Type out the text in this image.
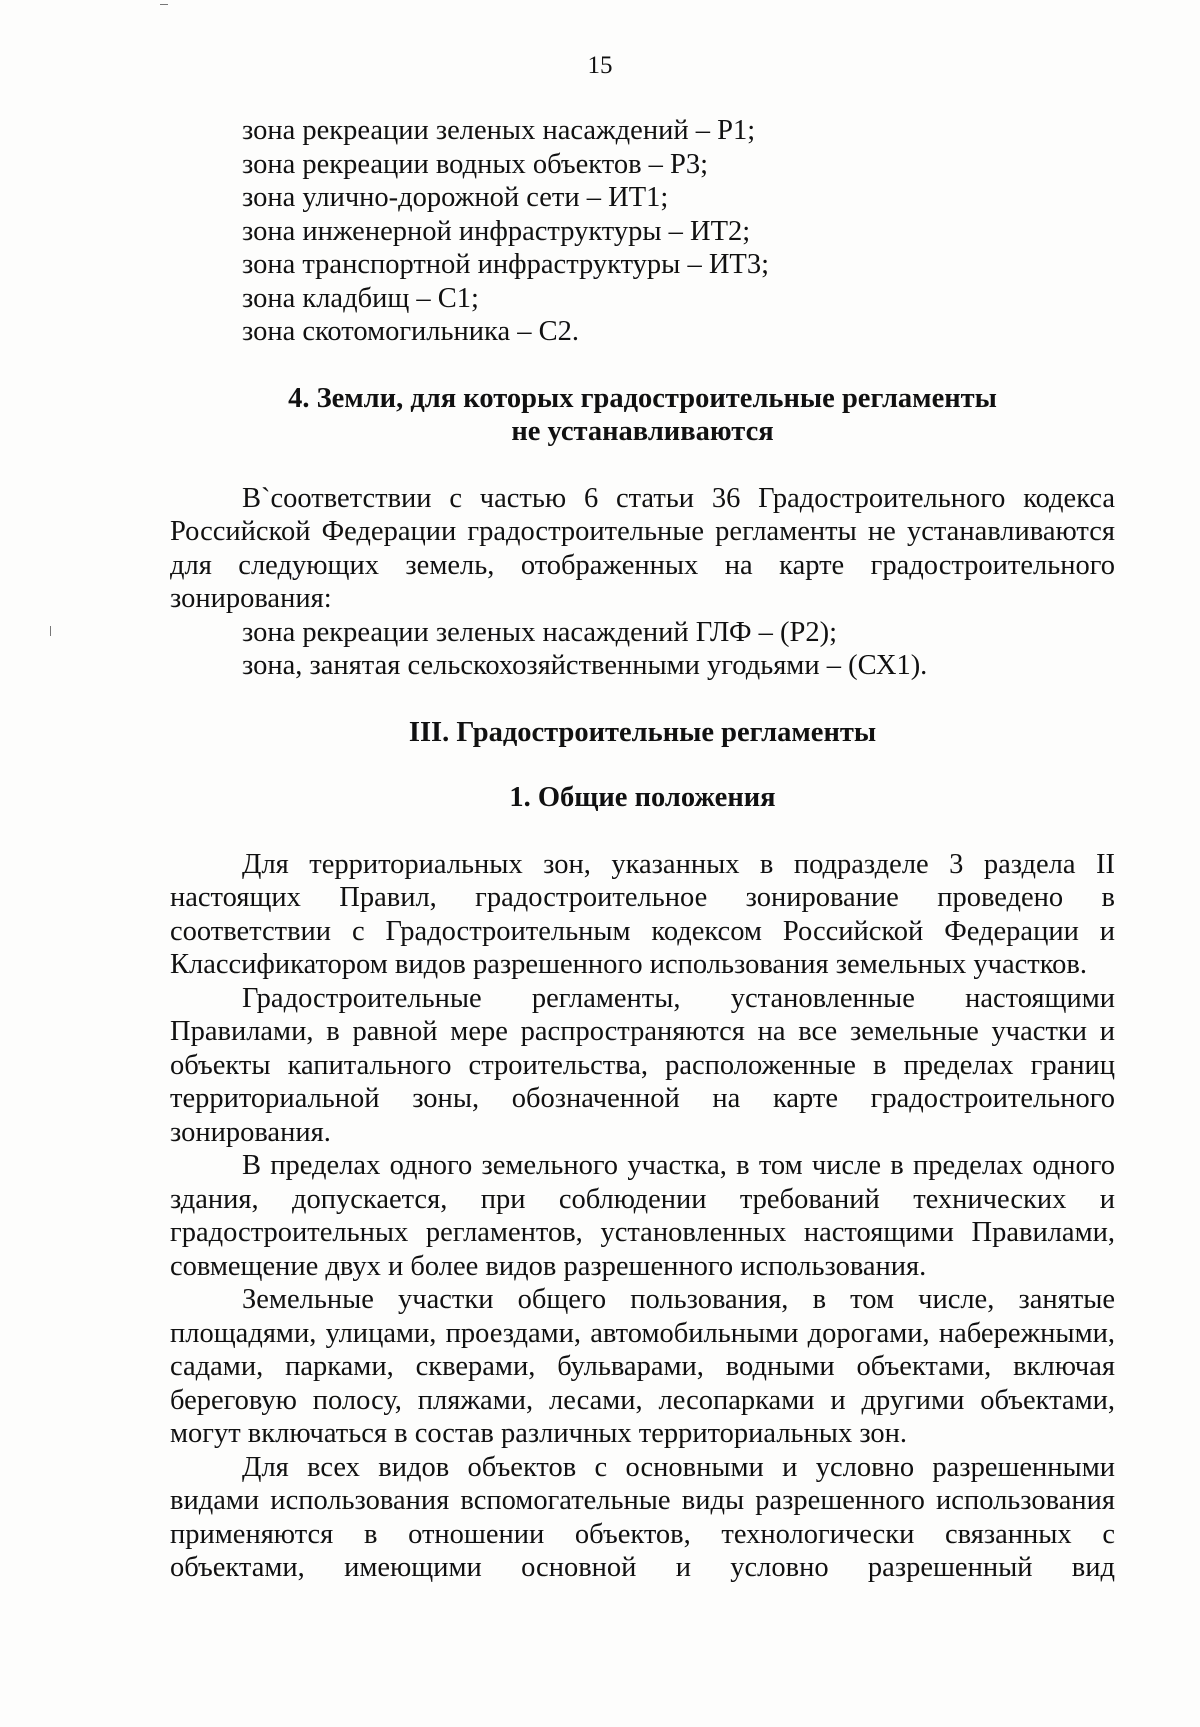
15
зона рекреации зеленых насаждений – Р1;
зона рекреации водных объектов – Р3;
зона улично-дорожной сети – ИТ1;
зона инженерной инфраструктуры – ИТ2;
зона транспортной инфраструктуры – ИТ3;
зона кладбищ – С1;
зона скотомогильника – С2.
4. Земли, для которых градостроительные регламенты
не устанавливаются

В`соответствии с частью 6 статьи 36 Градостроительного кодекса Российской Федерации градостроительные регламенты не устанавливаются для следующих земель, отображенных на карте градостроительного зонирования:

зона рекреации зеленых насаждений ГЛФ – (Р2);
зона, занятая сельскохозяйственными угодьями – (СХ1).
III. Градостроительные регламенты
1. Общие положения

Для территориальных зон, указанных в подразделе 3 раздела II настоящих Правил, градостроительное зонирование проведено в соответствии с Градостроительным кодексом Российской Федерации и Классификатором видов разрешенного использования земельных участков.

Градостроительные регламенты, установленные настоящими Правилами, в равной мере распространяются на все земельные участки и объекты капитального строительства, расположенные в пределах границ территориальной зоны, обозначенной на карте градостроительного зонирования.

В пределах одного земельного участка, в том числе в пределах одного здания, допускается, при соблюдении требований технических и градостроительных регламентов, установленных настоящими Правилами, совмещение двух и более видов разрешенного использования.

Земельные участки общего пользования, в том числе, занятые площадями, улицами, проездами, автомобильными дорогами, набережными, садами, парками, скверами, бульварами, водными объектами, включая береговую полосу, пляжами, лесами, лесопарками и другими объектами, могут включаться в состав различных территориальных зон.

Для всех видов объектов с основными и условно разрешенными видами использования вспомогательные виды разрешенного использования применяются в отношении объектов, технологически связанных с объектами, имеющими основной и условно разрешенный вид
